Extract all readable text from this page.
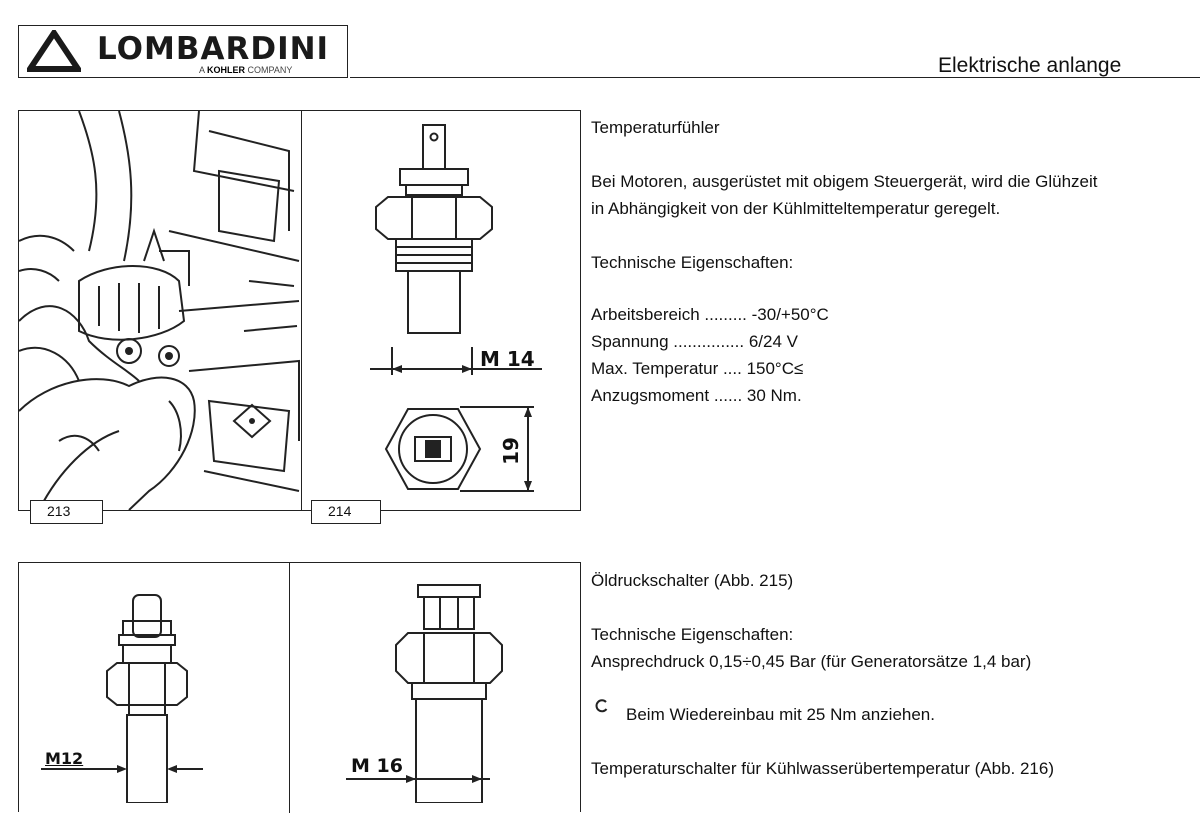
LOMBARDINI
A KOHLER COMPANY	Elektrische anlange
M 14
19
213	214
Temperaturfühler
Bei Motoren, ausgerüstet mit obigem Steuergerät, wird die Glühzeit
in Abhängigkeit von der Kühlmitteltemperatur geregelt.
Technische Eigenschaften:
Arbeitsbereich ......... -30/+50°C
Spannung ............... 6/24 V
Max. Temperatur .... 150°C≤
Anzugsmoment ...... 30 Nm.
M12	M 16
Öldruckschalter (Abb. 215)
Technische Eigenschaften:
Ansprechdruck 0,15÷0,45 Bar (für Generatorsätze 1,4 bar)
Beim Wiedereinbau mit 25 Nm anziehen.
Temperaturschalter für Kühlwasserübertemperatur (Abb. 216)
